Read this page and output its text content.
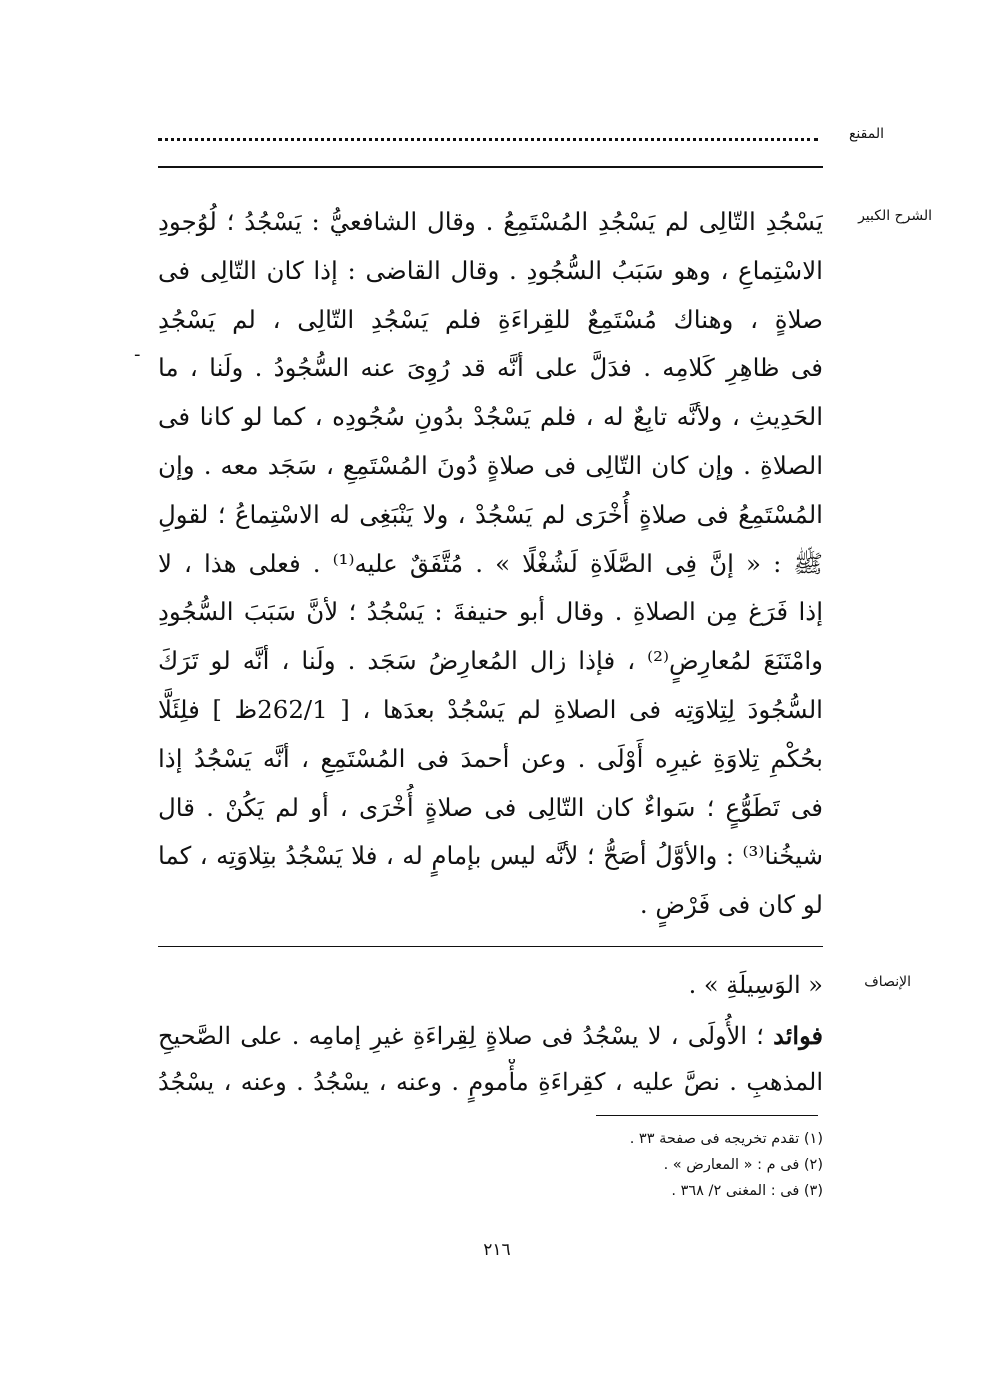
المقنع
الشرح الكبير
-
يَسْجُدِ التّالِى لم يَسْجُدِ المُسْتَمِعُ . وقال الشافعيُّ : يَسْجُدُ ؛ لُوُجودِ
الاسْتِماعِ ، وهو سَبَبُ السُّجُودِ . وقال القاضى : إذا كان التّالِى فى
صلاةٍ ، وهناك مُسْتَمِعٌ للقِراءَةِ فلم يَسْجُدِ التّالِى ، لم يَسْجُدِ
فى ظاهِرِ كَلامِه . فدَلَّ على أنَّه قد رُوِىَ عنه السُّجُودُ . ولَنا ، ما
الحَدِيثِ ، ولأنَّه تابِعٌ له ، فلم يَسْجُدْ بدُونِ سُجُودِه ، كما لو كانا فى
الصلاةِ . وإن كان التّالِى فى صلاةٍ دُونَ المُسْتَمِعِ ، سَجَد معه . وإن
المُسْتَمِعُ فى صلاةٍ أُخْرَى لم يَسْجُدْ ، ولا يَنْبَغِى له الاسْتِماعُ ؛ لقولِ
ﷺ : « إنَّ فِى الصَّلَاةِ لَشُغْلًا » . مُتَّفَقٌ عليه⁽¹⁾ . فعلى هذا ، لا
إذا فَرَغ مِن الصلاةِ . وقال أبو حنيفةَ : يَسْجُدُ ؛ لأنَّ سَبَبَ السُّجُودِ
وامْتَنَعَ لمُعارِضٍ⁽²⁾ ، فإذا زال المُعارِضُ سَجَد . ولَنا ، أنَّه لو تَرَكَ
السُّجُودَ لِتِلاوَتِه فى الصلاةِ لم يَسْجُدْ بعدَها ، [ 262/1ظ ] فلِئَلَّا
بحُكْمِ تِلاوَةِ غيرِه أَوْلَى . وعن أحمدَ فى المُسْتَمِعِ ، أنَّه يَسْجُدُ إذا
فى تَطَوُّعٍ ؛ سَواءٌ كان التّالِى فى صلاةٍ أُخْرَى ، أو لم يَكُنْ . قال
شيخُنا⁽³⁾ : والأوَّلُ أصَحُّ ؛ لأنَّه ليس بإمامٍ له ، فلا يَسْجُدُ بتِلاوَتِه ، كما
لو كان فى فَرْضٍ .
الإنصاف
« الوَسِيلَةِ » .
فوائد ؛ الأُولَى ، لا يسْجُدُ فى صلاةٍ لِقِراءَةِ غيرِ إمامِه . على الصَّحيحِ
المذهبِ . نصَّ عليه ، كقِراءَةِ مأْمومٍ . وعنه ، يسْجُدُ . وعنه ، يسْجُدُ
(١) تقدم تخريجه فى صفحة ٣٣ .
(٢) فى م : « المعارض » .
(٣) فى : المغنى ٢/ ٣٦٨ .
٢١٦
